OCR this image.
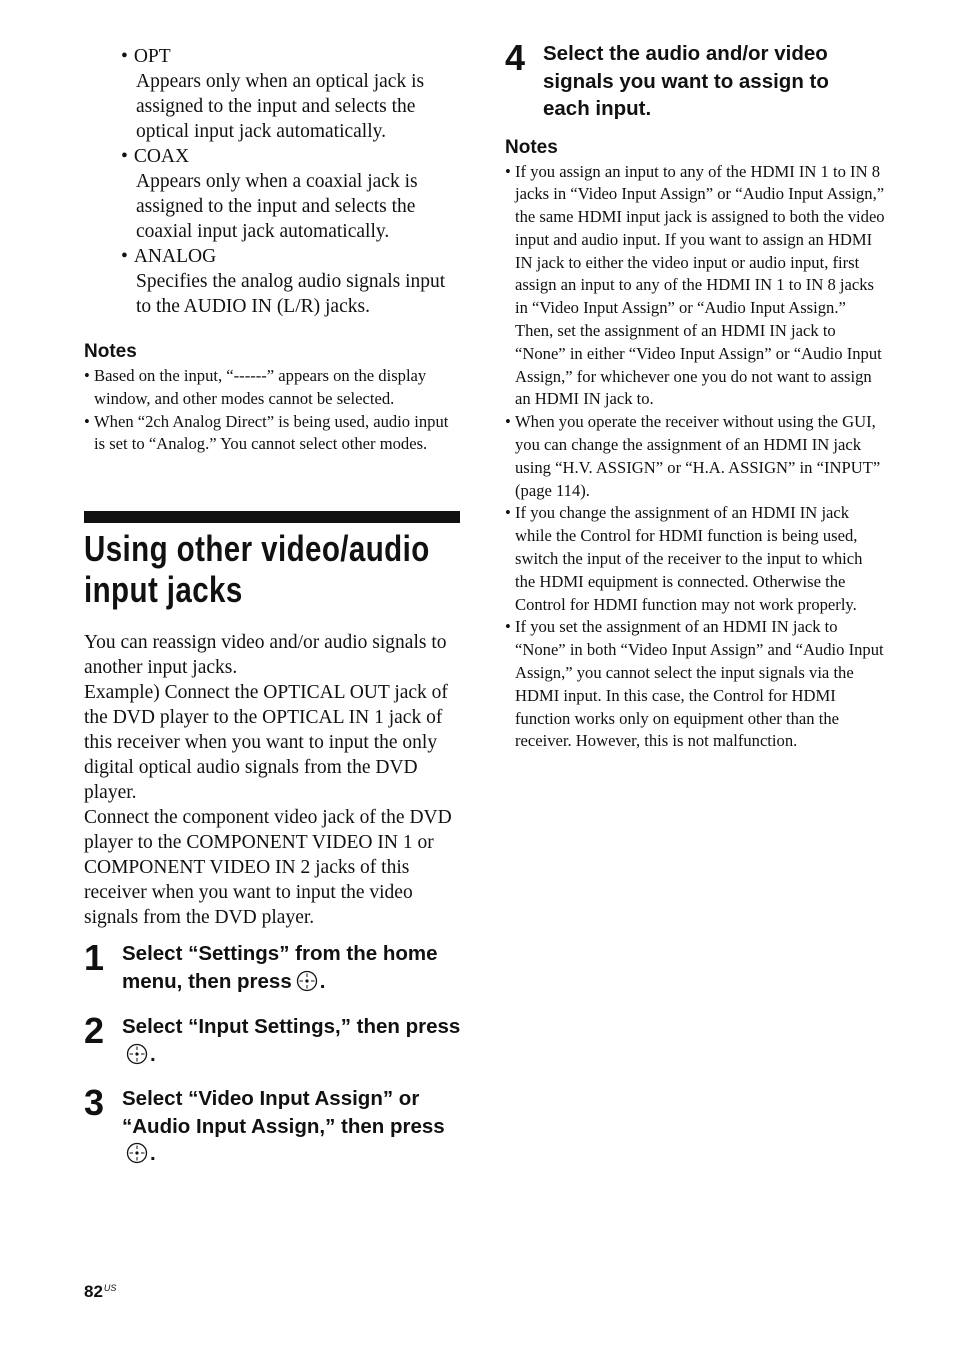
• OPT
Appears only when an optical jack is assigned to the input and selects the optical input jack automatically.
• COAX
Appears only when a coaxial jack is assigned to the input and selects the coaxial input jack automatically.
• ANALOG
Specifies the analog audio signals input to the AUDIO IN (L/R) jacks.
Notes
• Based on the input, “------” appears on the display window, and other modes cannot be selected.
• When “2ch Analog Direct” is being used, audio input is set to “Analog.” You cannot select other modes.
Using other video/audio input jacks

You can reassign video and/or audio signals to another input jacks.

Example) Connect the OPTICAL OUT jack of the DVD player to the OPTICAL IN 1 jack of this receiver when you want to input the only digital optical audio signals from the DVD player.

Connect the component video jack of the DVD player to the COMPONENT VIDEO IN 1 or COMPONENT VIDEO IN 2 jacks of this receiver when you want to input the video signals from the DVD player.

1 Select “Settings” from the home menu, then press .
2 Select “Input Settings,” then press.
3 Select “Video Input Assign” or “Audio Input Assign,” then press.
4 Select the audio and/or video signals you want to assign to each input.
Notes
• If you assign an input to any of the HDMI IN 1 to IN 8 jacks in “Video Input Assign” or “Audio Input Assign,” the same HDMI input jack is assigned to both the video input and audio input. If you want to assign an HDMI IN jack to either the video input or audio input, first assign an input to any of the HDMI IN 1 to IN 8 jacks in “Video Input Assign” or “Audio Input Assign.” Then, set the assignment of an HDMI IN jack to “None” in either “Video Input Assign” or “Audio Input Assign,” for whichever one you do not want to assign an HDMI IN jack to.
• When you operate the receiver without using the GUI, you can change the assignment of an HDMI IN jack using “H.V. ASSIGN” or “H.A. ASSIGN” in “INPUT” (page 114).
• If you change the assignment of an HDMI IN jack while the Control for HDMI function is being used, switch the input of the receiver to the input to which the HDMI equipment is connected. Otherwise the Control for HDMI function may not work properly.
• If you set the assignment of an HDMI IN jack to “None” in both “Video Input Assign” and “Audio Input Assign,” you cannot select the input signals via the HDMI input. In this case, the Control for HDMI function works only on equipment other than the receiver. However, this is not malfunction.
$82^{US}$
